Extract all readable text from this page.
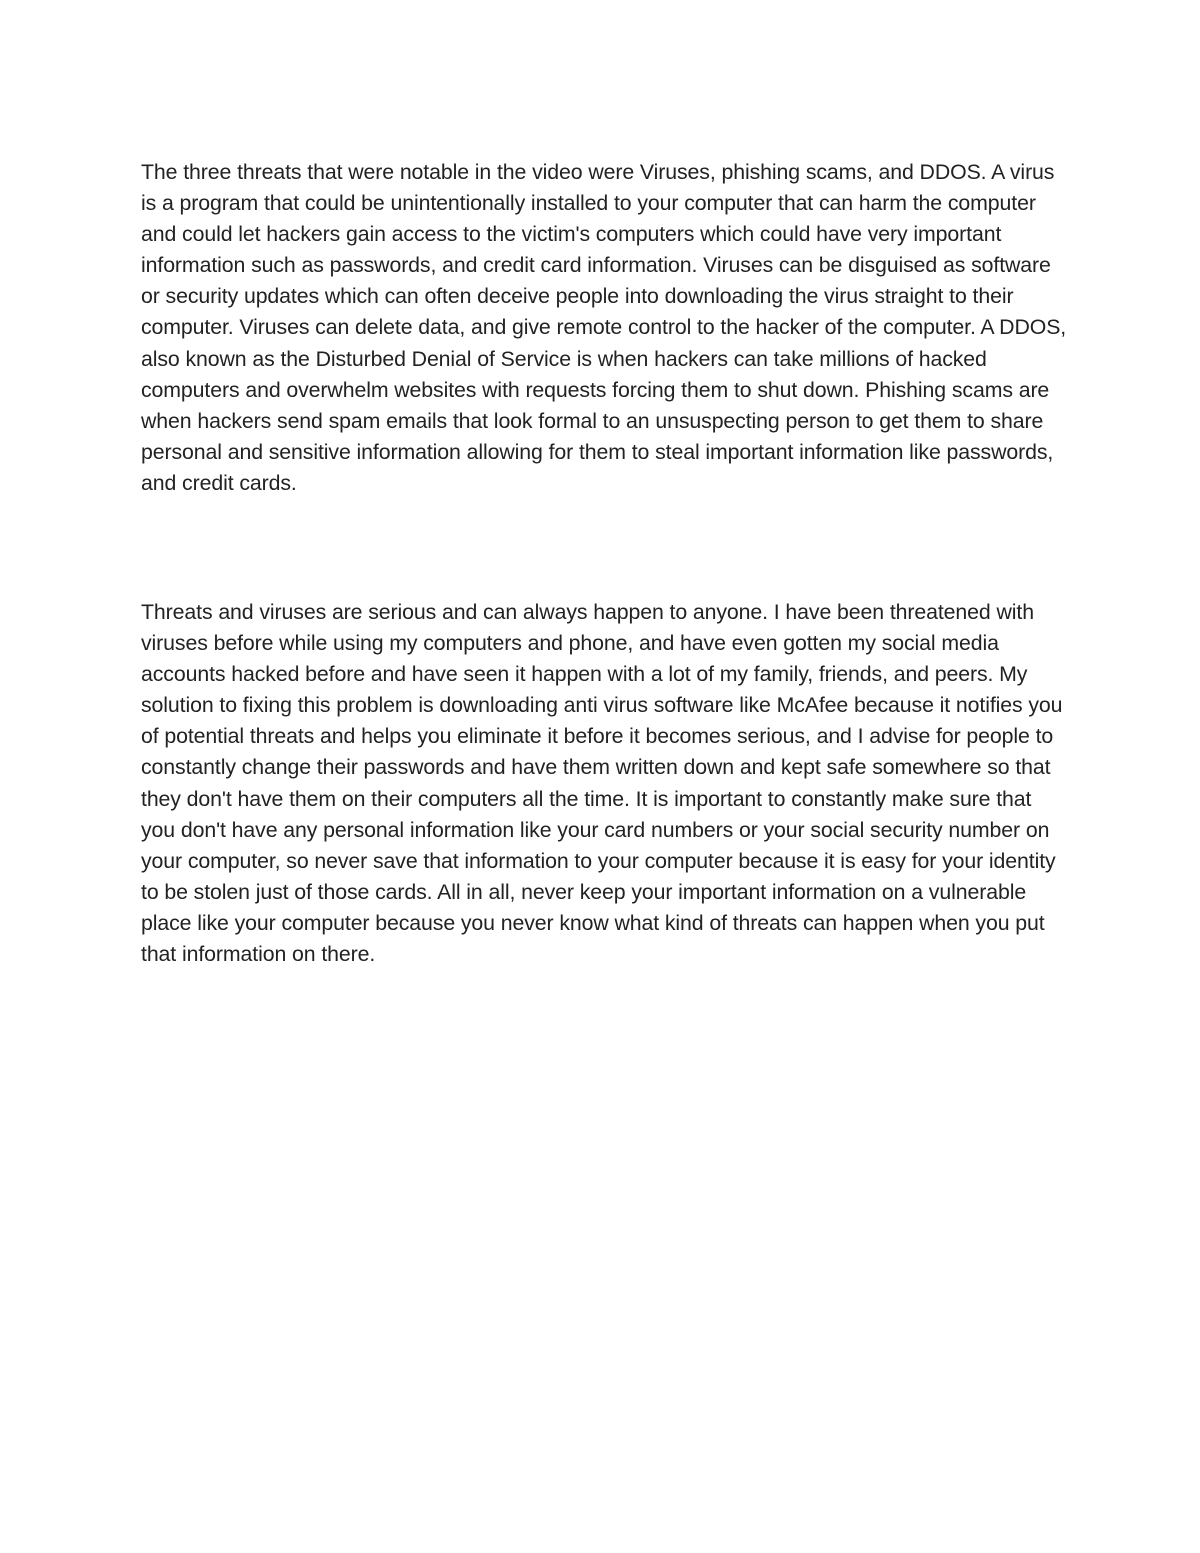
The three threats that were notable in the video were Viruses, phishing scams, and DDOS. A virus is a program that could be unintentionally installed to your computer that can harm the computer and could let hackers gain access to the victim's computers which could have very important information such as passwords, and credit card information. Viruses can be disguised as software or security updates which can often deceive people into downloading the virus straight to their computer. Viruses can delete data, and give remote control to the hacker of the computer. A DDOS, also known as the Disturbed Denial of Service is when hackers can take millions of hacked computers and overwhelm websites with requests forcing them to shut down. Phishing scams are when hackers send spam emails that look formal to an unsuspecting person to get them to share personal and sensitive information allowing for them to steal important information like passwords, and credit cards.

Threats and viruses are serious and can always happen to anyone. I have been threatened with viruses before while using my computers and phone, and have even gotten my social media accounts hacked before and have seen it happen with a lot of my family, friends, and peers. My solution to fixing this problem is downloading anti virus software like McAfee because it notifies you of potential threats and helps you eliminate it before it becomes serious, and I advise for people to constantly change their passwords and have them written down and kept safe somewhere so that they don't have them on their computers all the time. It is important to constantly make sure that you don't have any personal information like your card numbers or your social security number on your computer, so never save that information to your computer because it is easy for your identity to be stolen just of those cards. All in all, never keep your important information on a vulnerable place like your computer because you never know what kind of threats can happen when you put that information on there.
